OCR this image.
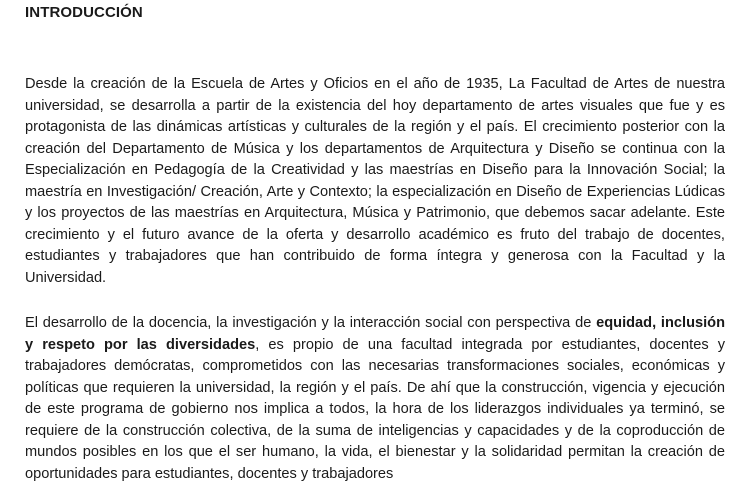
INTRODUCCIÓN

Desde la creación de la Escuela de Artes y Oficios en el año de 1935, La Facultad de Artes de nuestra universidad, se desarrolla a partir de la existencia del hoy departamento de artes visuales que fue y es protagonista de las dinámicas artísticas y culturales de la región y el país. El crecimiento posterior con la creación del Departamento de Música y los departamentos de Arquitectura y Diseño se continua con la Especialización en Pedagogía de la Creatividad y las maestrías en Diseño para la Innovación Social; la maestría en Investigación/ Creación, Arte y Contexto; la especialización en Diseño de Experiencias Lúdicas y los proyectos de las maestrías en Arquitectura, Música y Patrimonio, que debemos sacar adelante. Este crecimiento y el futuro avance de la oferta y desarrollo académico es fruto del trabajo de docentes, estudiantes y trabajadores que han contribuido de forma íntegra y generosa con la Facultad y la Universidad.

El desarrollo de la docencia, la investigación y la interacción social con perspectiva de equidad, inclusión y respeto por las diversidades, es propio de una facultad integrada por estudiantes, docentes y trabajadores demócratas, comprometidos con las necesarias transformaciones sociales, económicas y políticas que requieren la universidad, la región y el país. De ahí que la construcción, vigencia y ejecución de este programa de gobierno nos implica a todos, la hora de los liderazgos individuales ya terminó, se requiere de la construcción colectiva, de la suma de inteligencias y capacidades y de la coproducción de mundos posibles en los que el ser humano, la vida, el bienestar y la solidaridad permitan la creación de oportunidades para estudiantes, docentes y trabajadores
